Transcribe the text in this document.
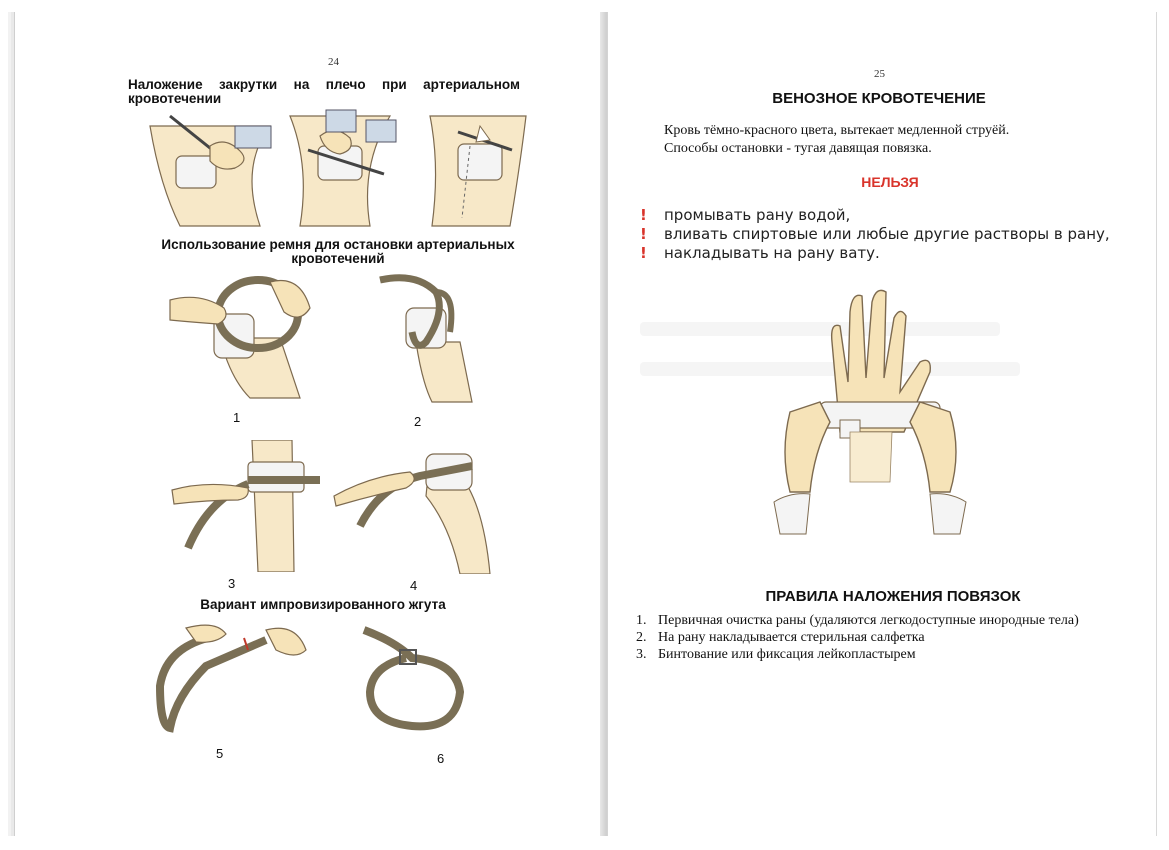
24
Наложение закрутки на плечо при артериальном кровотечении
Использование ремня для остановки артериальных кровотечений
1	2
3	4
Вариант импровизированного жгута
5	6
25
ВЕНОЗНОЕ КРОВОТЕЧЕНИЕ
Кровь тёмно-красного цвета, вытекает медленной струёй.
Способы остановки - тугая давящая повязка.
НЕЛЬЗЯ
!	промывать рану водой,
!	вливать спиртовые или любые другие растворы в рану,
!	накладывать на рану вату.
ПРАВИЛА НАЛОЖЕНИЯ ПОВЯЗОК
1. Первичная очистка раны (удаляются легкодоступные инородные тела)
2. На рану накладывается стерильная салфетка
3. Бинтование или фиксация лейкопластырем
